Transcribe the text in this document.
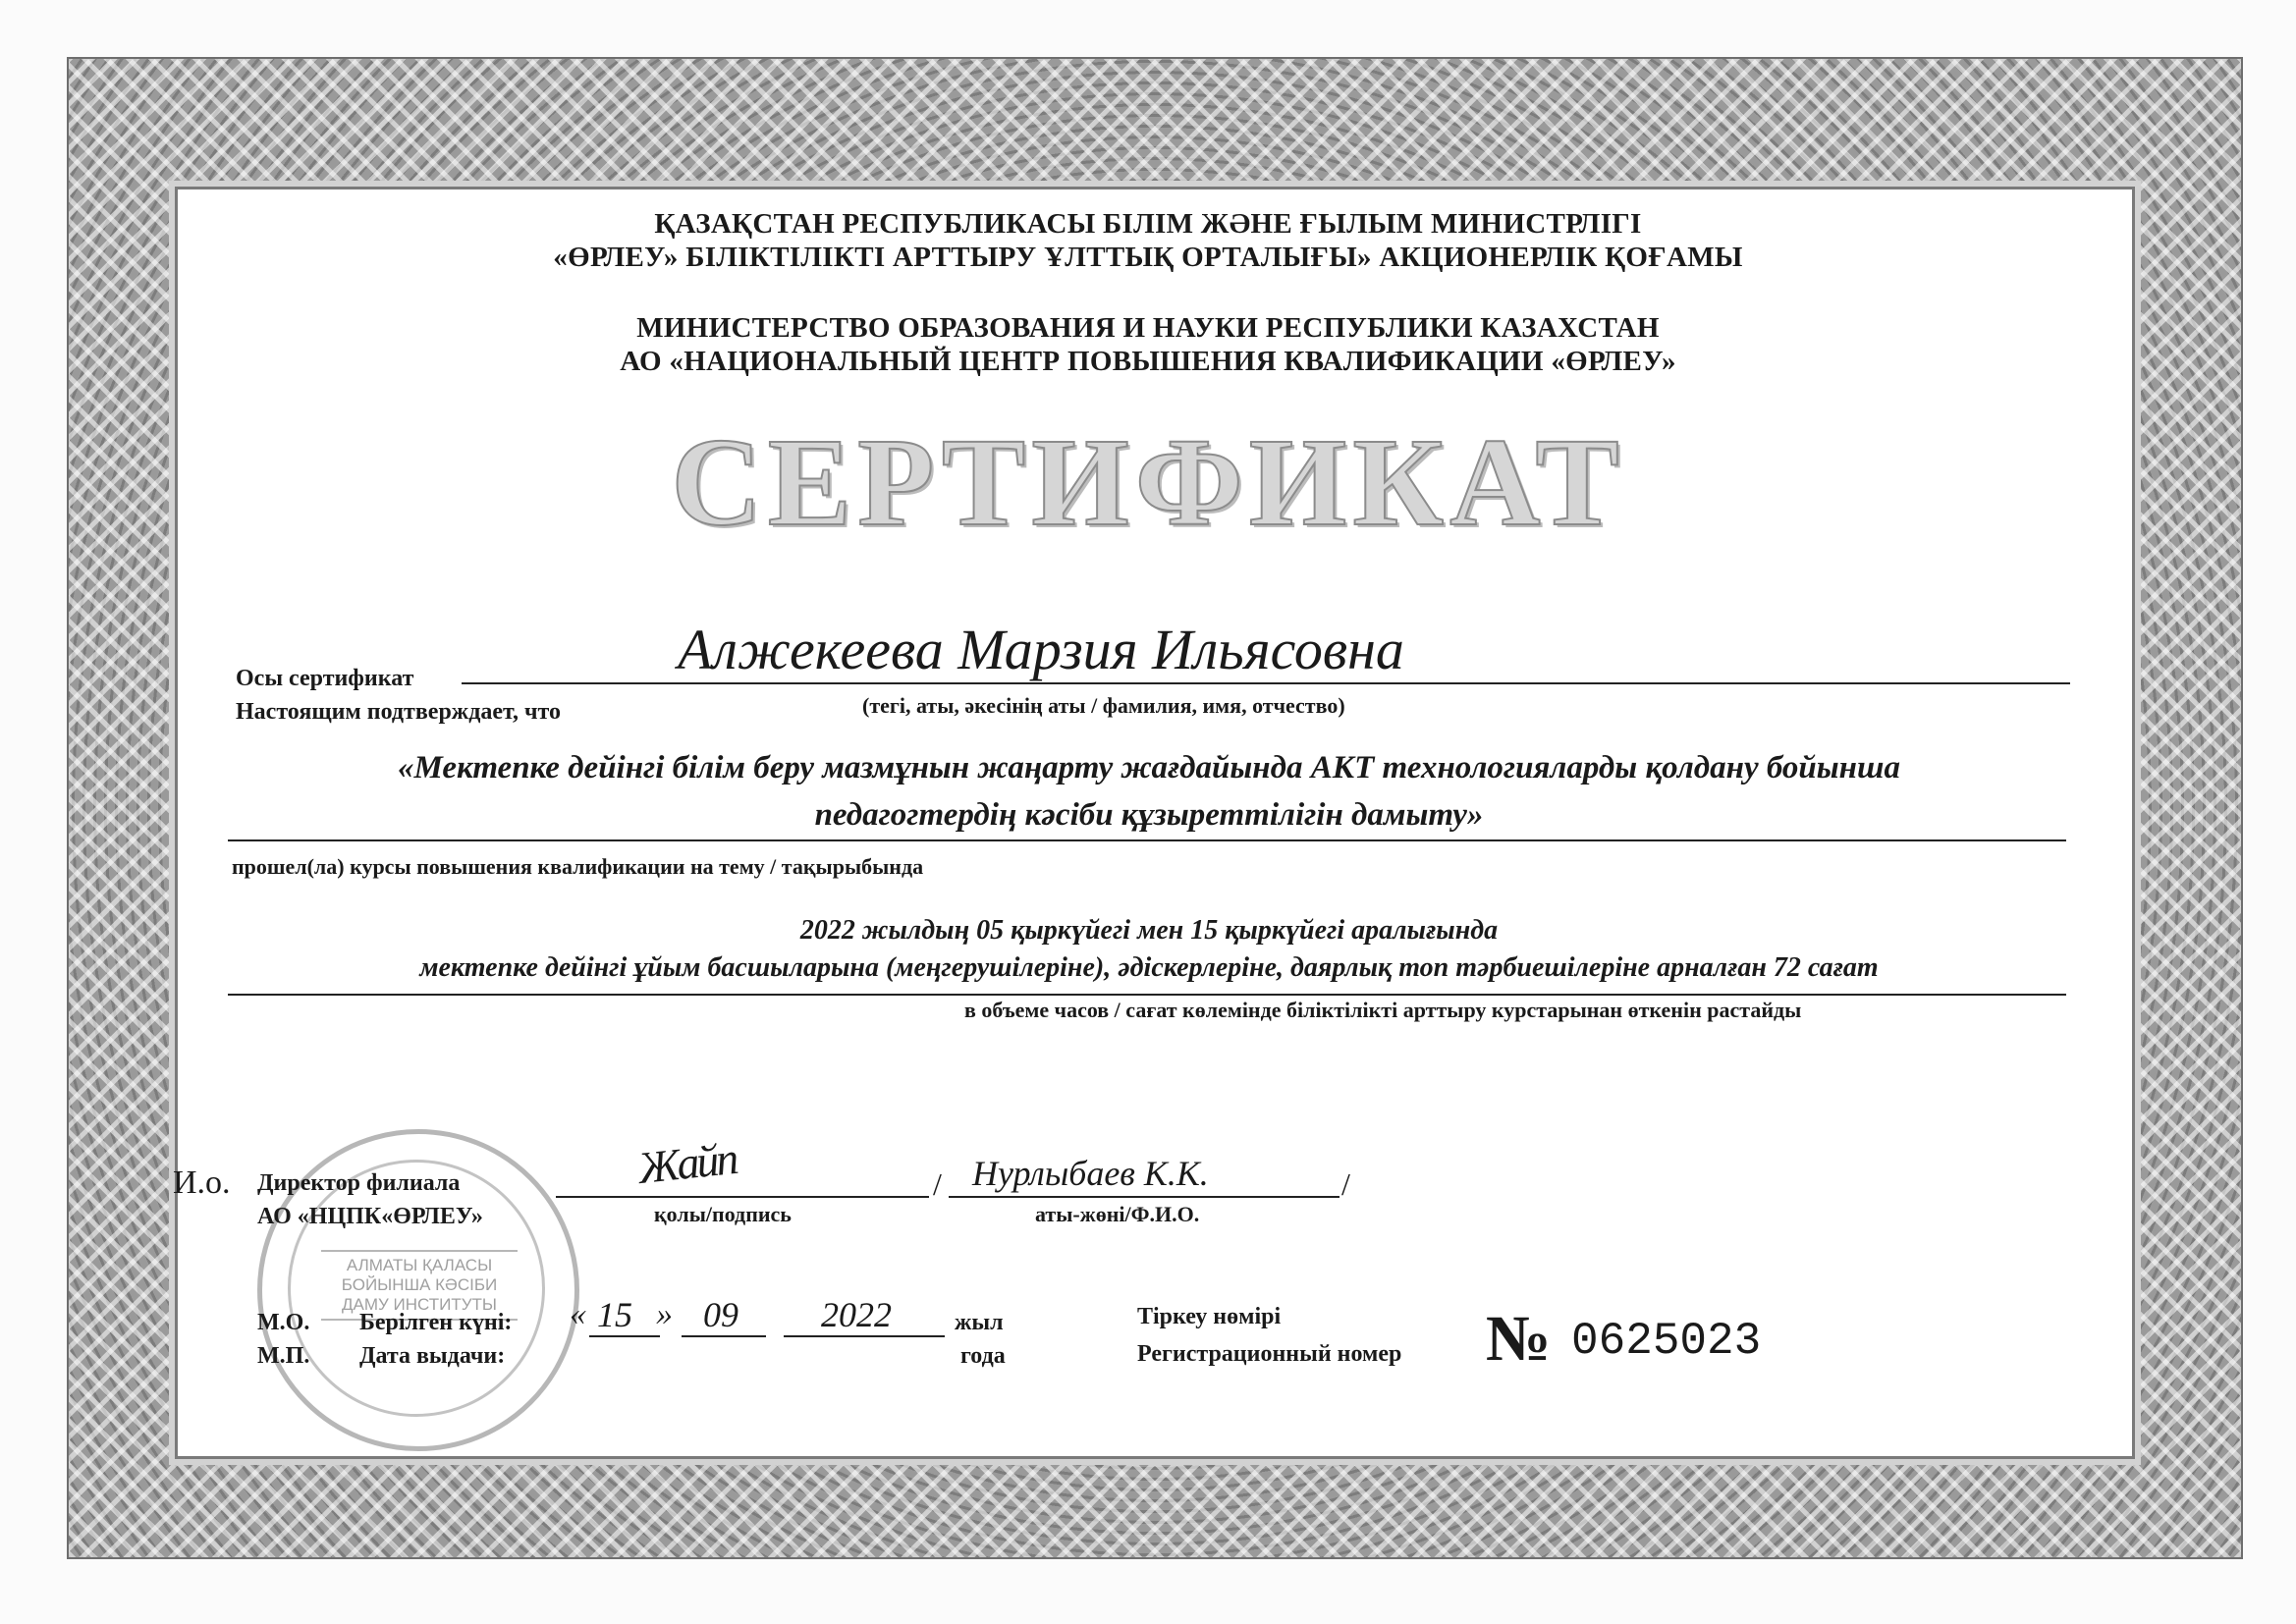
ҚАЗАҚСТАН РЕСПУБЛИКАСЫ БІЛІМ ЖӘНЕ ҒЫЛЫМ МИНИСТРЛІГІ
«ӨРЛЕУ» БІЛІКТІЛІКТІ АРТТЫРУ ҰЛТТЫҚ ОРТАЛЫҒЫ» АКЦИОНЕРЛІК ҚОҒАМЫ
МИНИСТЕРСТВО ОБРАЗОВАНИЯ И НАУКИ РЕСПУБЛИКИ КАЗАХСТАН
АО «НАЦИОНАЛЬНЫЙ ЦЕНТР ПОВЫШЕНИЯ КВАЛИФИКАЦИИ «ӨРЛЕУ»
СЕРТИФИКАТ
Осы сертификат	Алжекеева Марзия Ильясовна
Настоящим подтверждает, что	(тегі, аты, әкесінің аты / фамилия, имя, отчество)
«Мектепке дейінгі білім беру мазмұнын жаңарту жағдайында АКТ технологияларды қолдану бойынша
педагогтердің кәсіби құзыреттілігін дамыту»
прошел(ла) курсы повышения квалификации на тему / тақырыбында
2022 жылдың 05 қыркүйегі мен 15 қыркүйегі аралығында
мектепке дейінгі ұйым басшыларына (меңгерушілеріне), әдіскерлеріне, даярлық топ тәрбиешілеріне арналған 72 сағат
в объеме часов / сағат көлемінде біліктілікті арттыру курстарынан өткенін растайды
АЛМАТЫ ҚАЛАСЫ
БОЙЫНША КӘСІБИ
ДАМУ ИНСТИТУТЫ
И.о. Директор филиала
АО «НЦПК«ӨРЛЕУ»
Жайп	/
қолы/подпись
Нурлыбаев К.К.	/
аты-жөні/Ф.И.О.
М.О.
М.П.
Берілген күні:
Дата выдачи:
« 15 » 09 2022	жыл
года
Тіркеу нөмірі
Регистрационный номер № 0625023
